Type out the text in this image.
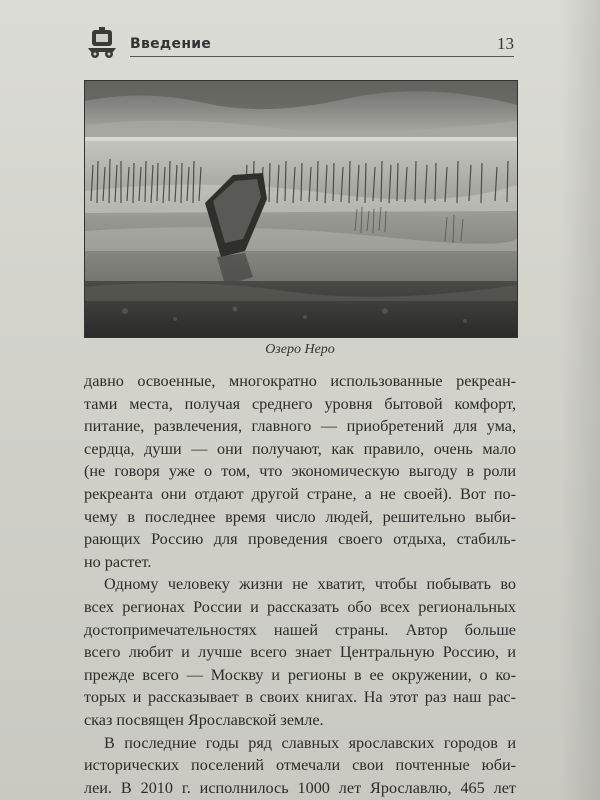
Введение	13
Озеро Неро
давно освоенные, многократно использованные рекреан-
тами места, получая среднего уровня бытовой комфорт,
питание, развлечения, главного — приобретений для ума,
сердца, души — они получают, как правило, очень мало
(не говоря уже о том, что экономическую выгоду в роли
рекреанта они отдают другой стране, а не своей). Вот по-
чему в последнее время число людей, решительно выби-
рающих Россию для проведения своего отдыха, стабиль-
но растет.
Одному человеку жизни не хватит, чтобы побывать во
всех регионах России и рассказать обо всех региональных
достопримечательностях нашей страны. Автор больше
всего любит и лучше всего знает Центральную Россию, и
прежде всего — Москву и регионы в ее окружении, о ко-
торых и рассказывает в своих книгах. На этот раз наш рас-
сказ посвящен Ярославской земле.
В последние годы ряд славных ярославских городов и
исторических поселений отмечали свои почтенные юби-
леи. В 2010 г. исполнилось 1000 лет Ярославлю, 465 лет
